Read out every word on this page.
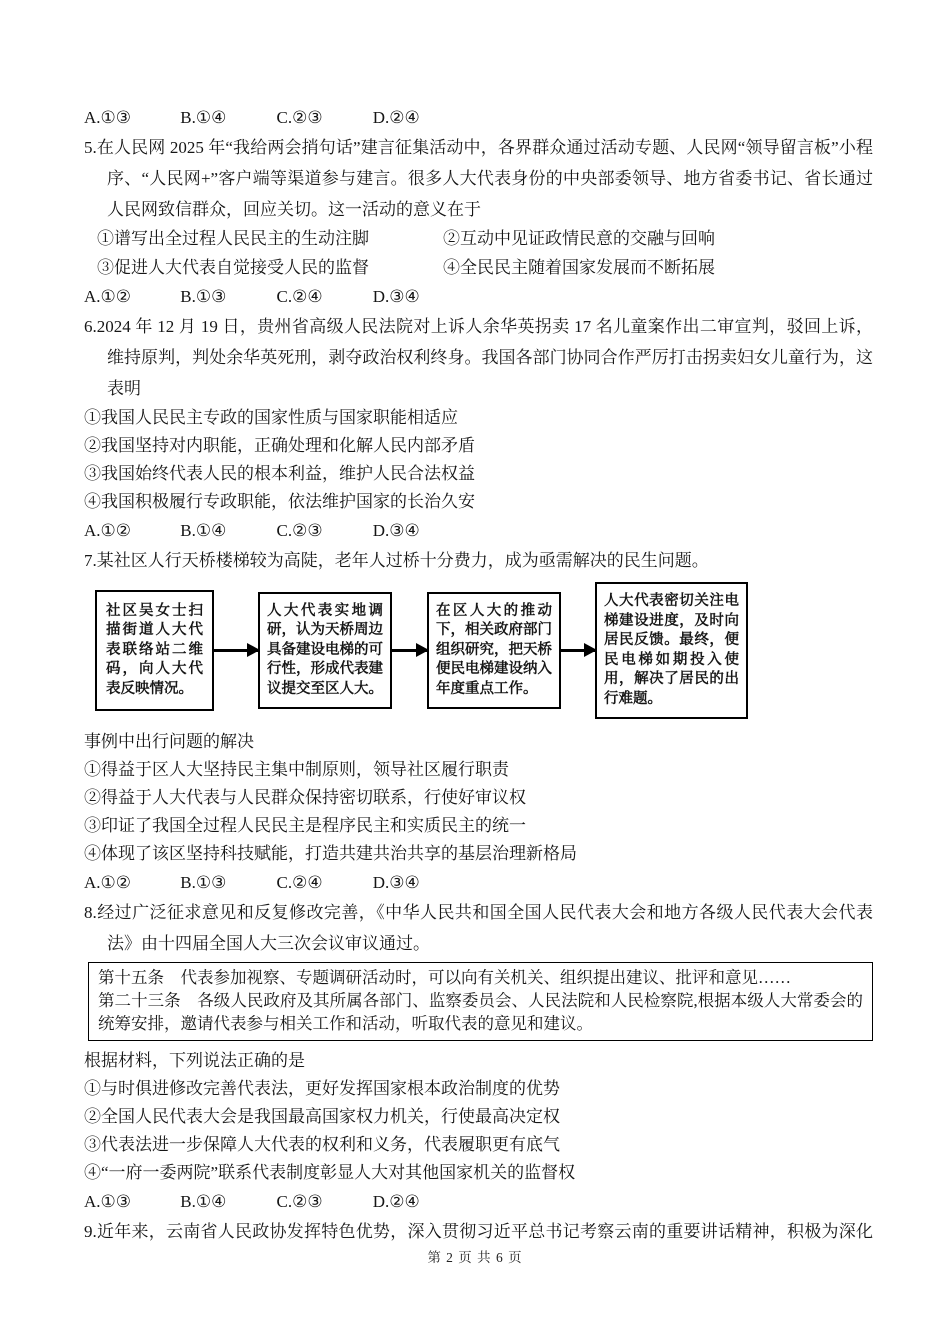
A.①③	B.①④	C.②③	D.②④

5.在人民网 2025 年“我给两会捎句话”建言征集活动中，各界群众通过活动专题、人民网“领导留言板”小程序、“人民网+”客户端等渠道参与建言。很多人大代表身份的中央部委领导、地方省委书记、省长通过人民网致信群众，回应关切。这一活动的意义在于

①谱写出全过程人民民主的生动注脚	②互动中见证政情民意的交融与回响
③促进人大代表自觉接受人民的监督	④全民民主随着国家发展而不断拓展

A.①②	B.①③	C.②④	D.③④

6.2024 年 12 月 19 日，贵州省高级人民法院对上诉人余华英拐卖 17 名儿童案作出二审宣判，驳回上诉，维持原判，判处余华英死刑，剥夺政治权利终身。我国各部门协同合作严厉打击拐卖妇女儿童行为，这表明

①我国人民民主专政的国家性质与国家职能相适应

②我国坚持对内职能，正确处理和化解人民内部矛盾

③我国始终代表人民的根本利益，维护人民合法权益

④我国积极履行专政职能，依法维护国家的长治久安

A.①②	B.①④	C.②③	D.③④

7.某社区人行天桥楼梯较为高陡，老年人过桥十分费力，成为亟需解决的民生问题。

社区吴女士扫描街道人大代表联络站二维码，向人大代表反映情况。
人大代表实地调研，认为天桥周边具备建设电梯的可行性，形成代表建议提交至区人大。
在区人大的推动下，相关政府部门组织研究，把天桥便民电梯建设纳入年度重点工作。
人大代表密切关注电梯建设进度，及时向居民反馈。最终，便民电梯如期投入使用，解决了居民的出行难题。

事例中出行问题的解决

①得益于区人大坚持民主集中制原则，领导社区履行职责

②得益于人大代表与人民群众保持密切联系，行使好审议权

③印证了我国全过程人民民主是程序民主和实质民主的统一

④体现了该区坚持科技赋能，打造共建共治共享的基层治理新格局

A.①②	B.①③	C.②④	D.③④

8.经过广泛征求意见和反复修改完善，《中华人民共和国全国人民代表大会和地方各级人民代表大会代表法》由十四届全国人大三次会议审议通过。

第十五条　代表参加视察、专题调研活动时，可以向有关机关、组织提出建议、批评和意见……

第二十三条　各级人民政府及其所属各部门、监察委员会、人民法院和人民检察院,根据本级人大常委会的统筹安排，邀请代表参与相关工作和活动，听取代表的意见和建议。

根据材料，下列说法正确的是

①与时俱进修改完善代表法，更好发挥国家根本政治制度的优势

②全国人民代表大会是我国最高国家权力机关，行使最高决定权

③代表法进一步保障人大代表的权利和义务，代表履职更有底气

④“一府一委两院”联系代表制度彰显人大对其他国家机关的监督权

A.①③	B.①④	C.②③	D.②④

9.近年来，云南省人民政协发挥特色优势，深入贯彻习近平总书记考察云南的重要讲话精神，积极为深化

第 2 页 共 6 页
